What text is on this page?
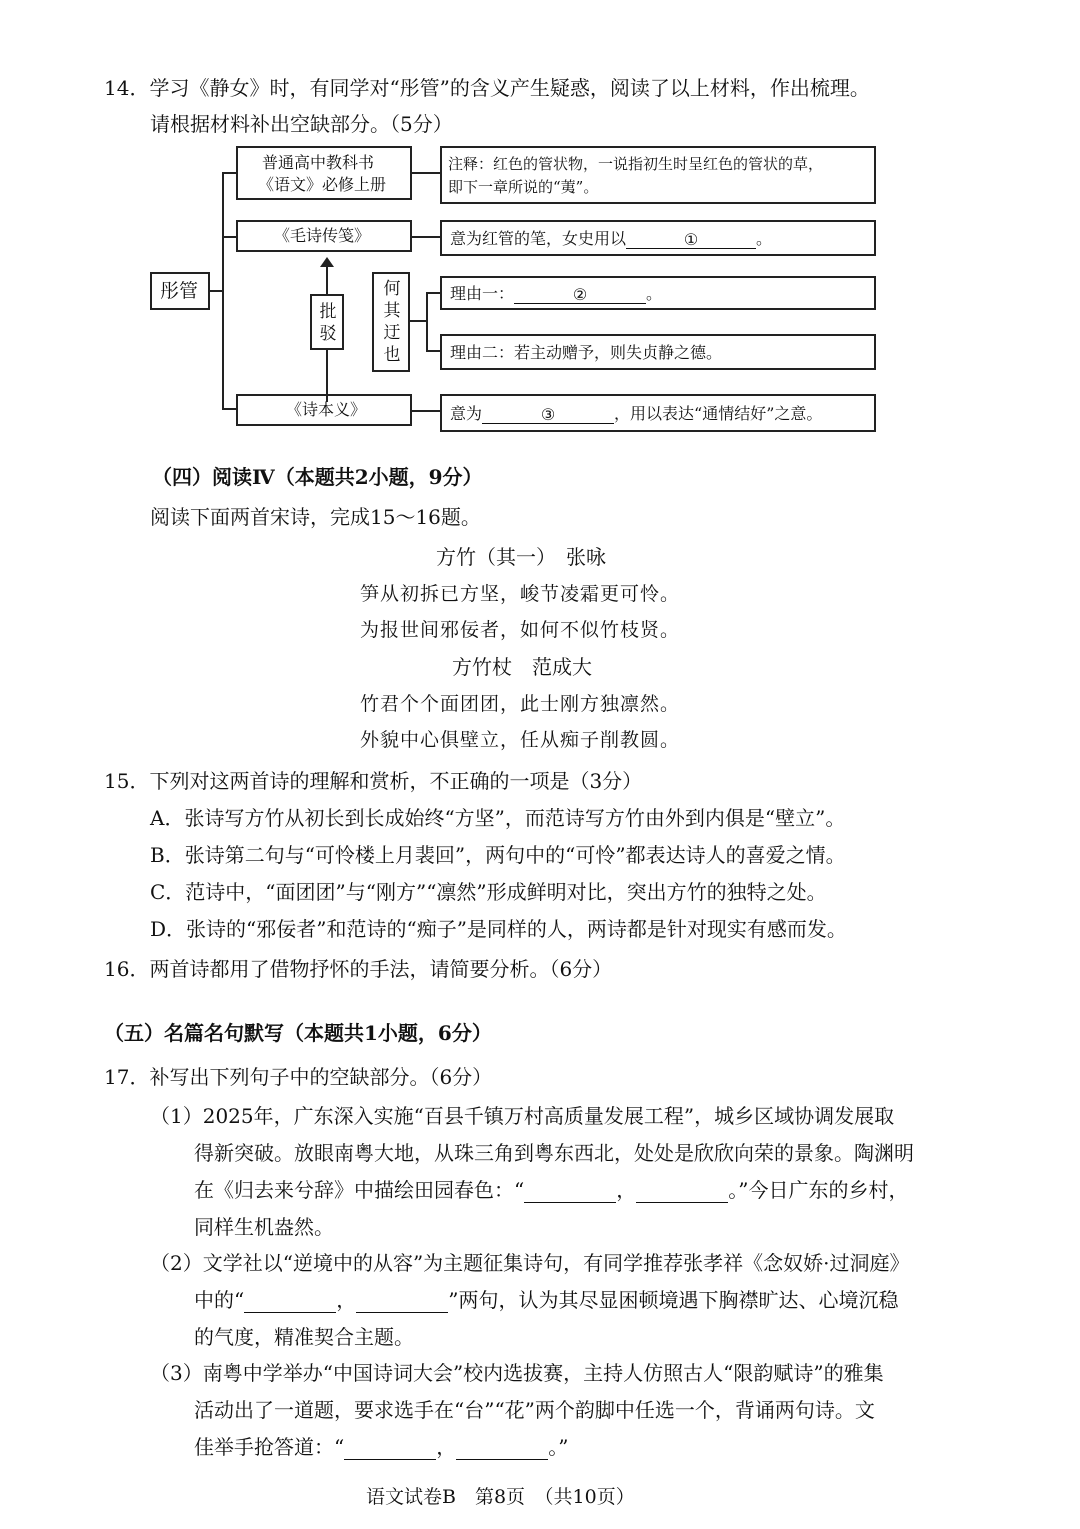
14．学习《静女》时，有同学对“彤管”的含义产生疑惑，阅读了以上材料，作出梳理。
请根据材料补出空缺部分。（5分）
彤管
普通高中教科书
《语文》必修上册
注释：红色的管状物，一说指初生时呈红色的管状的草，
即下一章所说的“荑”。
《毛诗传笺》	意为红管的笔，女史用以	①	。
批驳
何其迂也
理由一：	②	。
理由二：若主动赠予，则失贞静之德。
《诗本义》	意为	③	，用以表达“通情结好”之意。
（四）阅读Ⅳ（本题共2小题，9分）
阅读下面两首宋诗，完成15～16题。
方竹（其一）　张咏
笋从初拆已方坚，峻节凌霜更可怜。
为报世间邪佞者，如何不似竹枝贤。
方竹杖　范成大
竹君个个面团团，此士刚方独凛然。
外貌中心俱壁立，任从痴子削教圆。
15．下列对这两首诗的理解和赏析，不正确的一项是（3分）
A．张诗写方竹从初长到长成始终“方坚”，而范诗写方竹由外到内俱是“壁立”。
B．张诗第二句与“可怜楼上月裴回”，两句中的“可怜”都表达诗人的喜爱之情。
C．范诗中，“面团团”与“刚方”“凛然”形成鲜明对比，突出方竹的独特之处。
D．张诗的“邪佞者”和范诗的“痴子”是同样的人，两诗都是针对现实有感而发。
16．两首诗都用了借物抒怀的手法，请简要分析。（6分）
（五）名篇名句默写（本题共1小题，6分）
17．补写出下列句子中的空缺部分。（6分）
（1）2025年，广东深入实施“百县千镇万村高质量发展工程”，城乡区域协调发展取
得新突破。放眼南粤大地，从珠三角到粤东西北，处处是欣欣向荣的景象。陶渊明
在《归去来兮辞》中描绘田园春色：“	，	。”今日广东的乡村，
同样生机盎然。
（2）文学社以“逆境中的从容”为主题征集诗句，有同学推荐张孝祥《念奴娇·过洞庭》
中的“	，	”两句，认为其尽显困顿境遇下胸襟旷达、心境沉稳
的气度，精准契合主题。
（3）南粤中学举办“中国诗词大会”校内选拔赛，主持人仿照古人“限韵赋诗”的雅集
活动出了一道题，要求选手在“台”“花”两个韵脚中任选一个，背诵两句诗。文
佳举手抢答道：“	，	。”
语文试卷B　第8页　（共10页）
